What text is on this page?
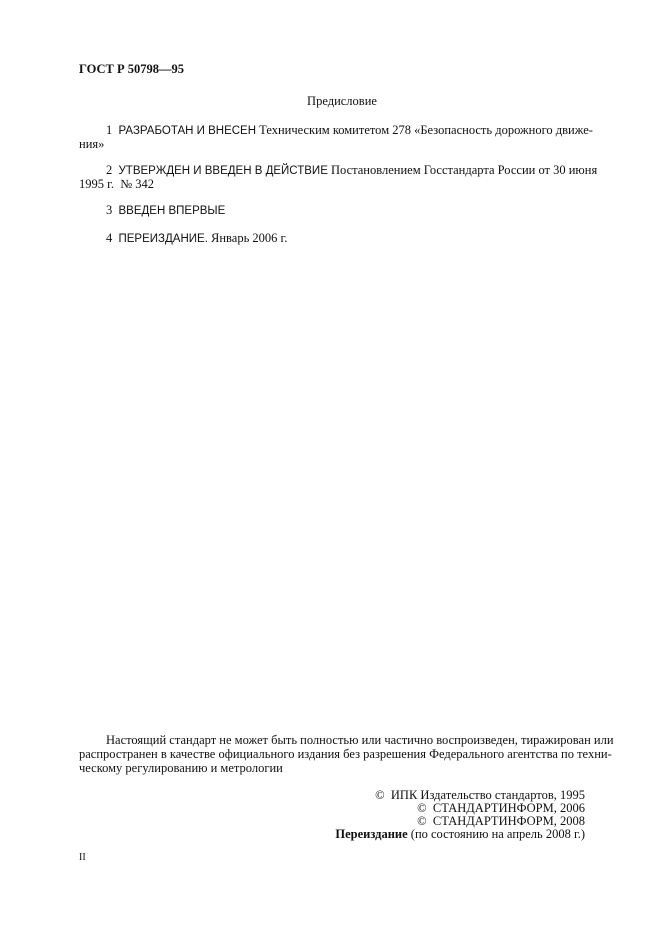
ГОСТ Р 50798—95
Предисловие
1 РАЗРАБОТАН И ВНЕСЕН Техническим комитетом 278 «Безопасность дорожного движе-
ния»
2 УТВЕРЖДЕН И ВВЕДЕН В ДЕЙСТВИЕ Постановлением Госстандарта России от 30 июня
1995 г.  № 342
3 ВВЕДЕН ВПЕРВЫЕ
4 ПЕРЕИЗДАНИЕ. Январь 2006 г.
Настоящий стандарт не может быть полностью или частично воспроизведен, тиражирован или
распространен в качестве официального издания без разрешения Федерального агентства по техни-
ческому регулированию и метрологии
©  ИПК Издательство стандартов, 1995
©  СТАНДАРТИНФОРМ, 2006
©  СТАНДАРТИНФОРМ, 2008
Переиздание (по состоянию на апрель 2008 г.)
II
